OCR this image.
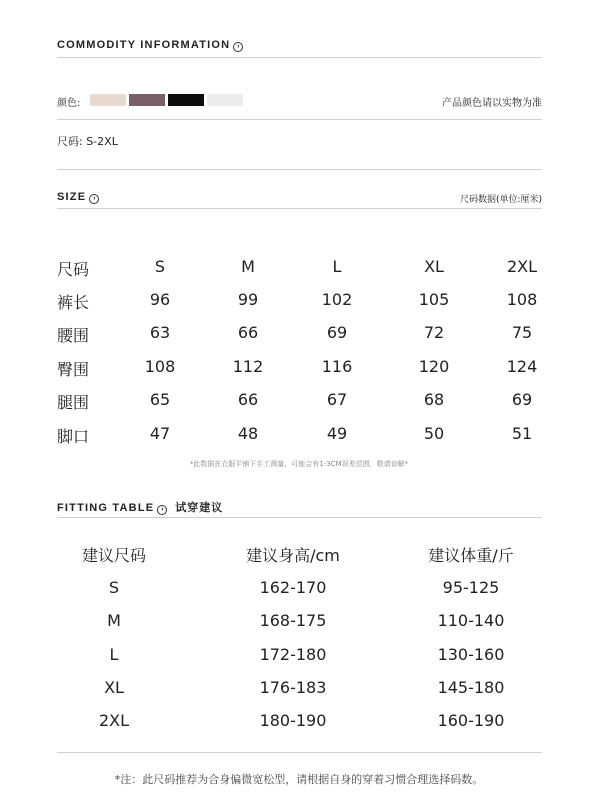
COMMODITY INFORMATION ›
颜色:	产品颜色请以实物为准
尺码: S-2XL
SIZE ›	尺码数据(单位:厘米)
尺码	S	M	L	XL	2XL
裤长	96	99	102	105	108
腰围	63	66	69	72	75
臀围	108	112	116	120	124
腿围	65	66	67	68	69
脚口	47	48	49	50	51
*此数据在衣服平铺下手工测量，可能会有1-3CM误差范围，敬请谅解*
FITTING TABLE › 试穿建议
建议尺码	建议身高/cm	建议体重/斤
S	162-170	95-125
M	168-175	110-140
L	172-180	130-160
XL	176-183	145-180
2XL	180-190	160-190
*注：此尺码推荐为合身偏微宽松型，请根据自身的穿着习惯合理选择码数。
